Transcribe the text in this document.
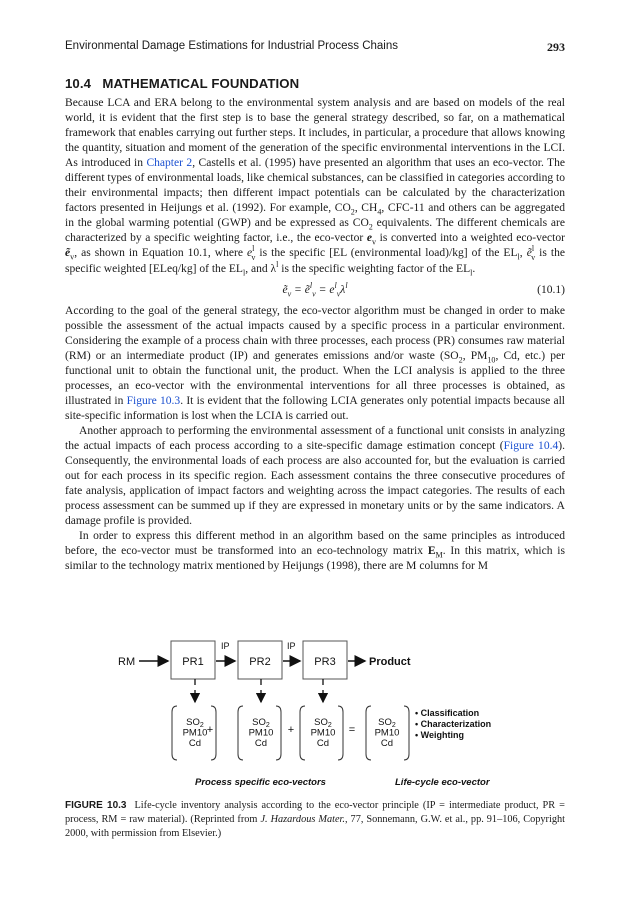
Environmental Damage Estimations for Industrial Process Chains	293
10.4   MATHEMATICAL FOUNDATION

Because LCA and ERA belong to the environmental system analysis and are based on models of the real world, it is evident that the first step is to base the general strategy described, so far, on a mathematical framework that enables carrying out further steps. It includes, in particular, a procedure that allows knowing the quantity, situation and moment of the generation of the specific environmental interventions in the LCI. As introduced in Chapter 2, Castells et al. (1995) have presented an algorithm that uses an eco-vector. The different types of environmental loads, like chemical substances, can be classified in categories according to their environmental impacts; then different impact potentials can be calculated by the characterization factors presented in Heijungs et al. (1992). For example, $CO_2$, $CH_4$, CFC-11 and others can be aggregated in the global warming potential (GWP) and be expressed as $CO_2$ equivalents. The different chemicals are characterized by a specific weighting factor, i.e., the eco-vector $e_v$ is converted into a weighted eco-vector ẽ$_v$, as shown in Equation 10.1, where $e^l_v$ is the specific [EL (environmental load)/kg] of the $EL_l$, ẽ$^l_v$ is the specific weighted [ELeq/kg] of the $EL_l$, and $\lambda^l$ is the specific weighting factor of the $EL_l$.

ẽ$_v$ = ẽ$^l_v$ = $e^l_v\lambda^l$	(10.1)

According to the goal of the general strategy, the eco-vector algorithm must be changed in order to make possible the assessment of the actual impacts caused by a specific process in a particular environment. Considering the example of a process chain with three processes, each process (PR) consumes raw material (RM) or an intermediate product (IP) and generates emissions and/or waste ($SO_2$, $PM_{10}$, Cd, etc.) per functional unit to obtain the functional unit, the product. When the LCI analysis is applied to the three processes, an eco-vector with the environmental interventions for all three processes is obtained, as illustrated in Figure 10.3. It is evident that the following LCIA generates only potential impacts because all site-specific information is lost when the LCIA is carried out.

Another approach to performing the environmental assessment of a functional unit consists in analyzing the actual impacts of each process according to a site-specific damage estimation concept (Figure 10.4). Consequently, the environmental loads of each process are also accounted for, but the evaluation is carried out for each process in its specific region. Each assessment contains the three consecutive procedures of fate analysis, application of impact factors and weighting across the impact categories. The results of each process assessment can be summed up if they are expressed in monetary units or by the same indicators. A damage profile is provided.

In order to express this different method in an algorithm based on the same principles as introduced before, the eco-vector must be transformed into an eco-technology matrix $E_M$. In this matrix, which is similar to the technology matrix mentioned by Heijungs (1998), there are M columns for M

RM	PR1
IP
PR2
IP
PR3	Product
$SO_2$
PM10
Cd
$SO_2$
PM10
Cd
$SO_2$
PM10
Cd
$SO_2$
PM10
Cd
+	+	=
• Classification
• Characterization
• Weighting
Process specific eco-vectors	Life-cycle eco-vector
FIGURE 10.3 Life-cycle inventory analysis according to the eco-vector principle (IP = intermediate product, PR = process, RM = raw material). (Reprinted from J. Hazardous Mater., 77, Sonnemann, G.W. et al., pp. 91–106, Copyright 2000, with permission from Elsevier.)
